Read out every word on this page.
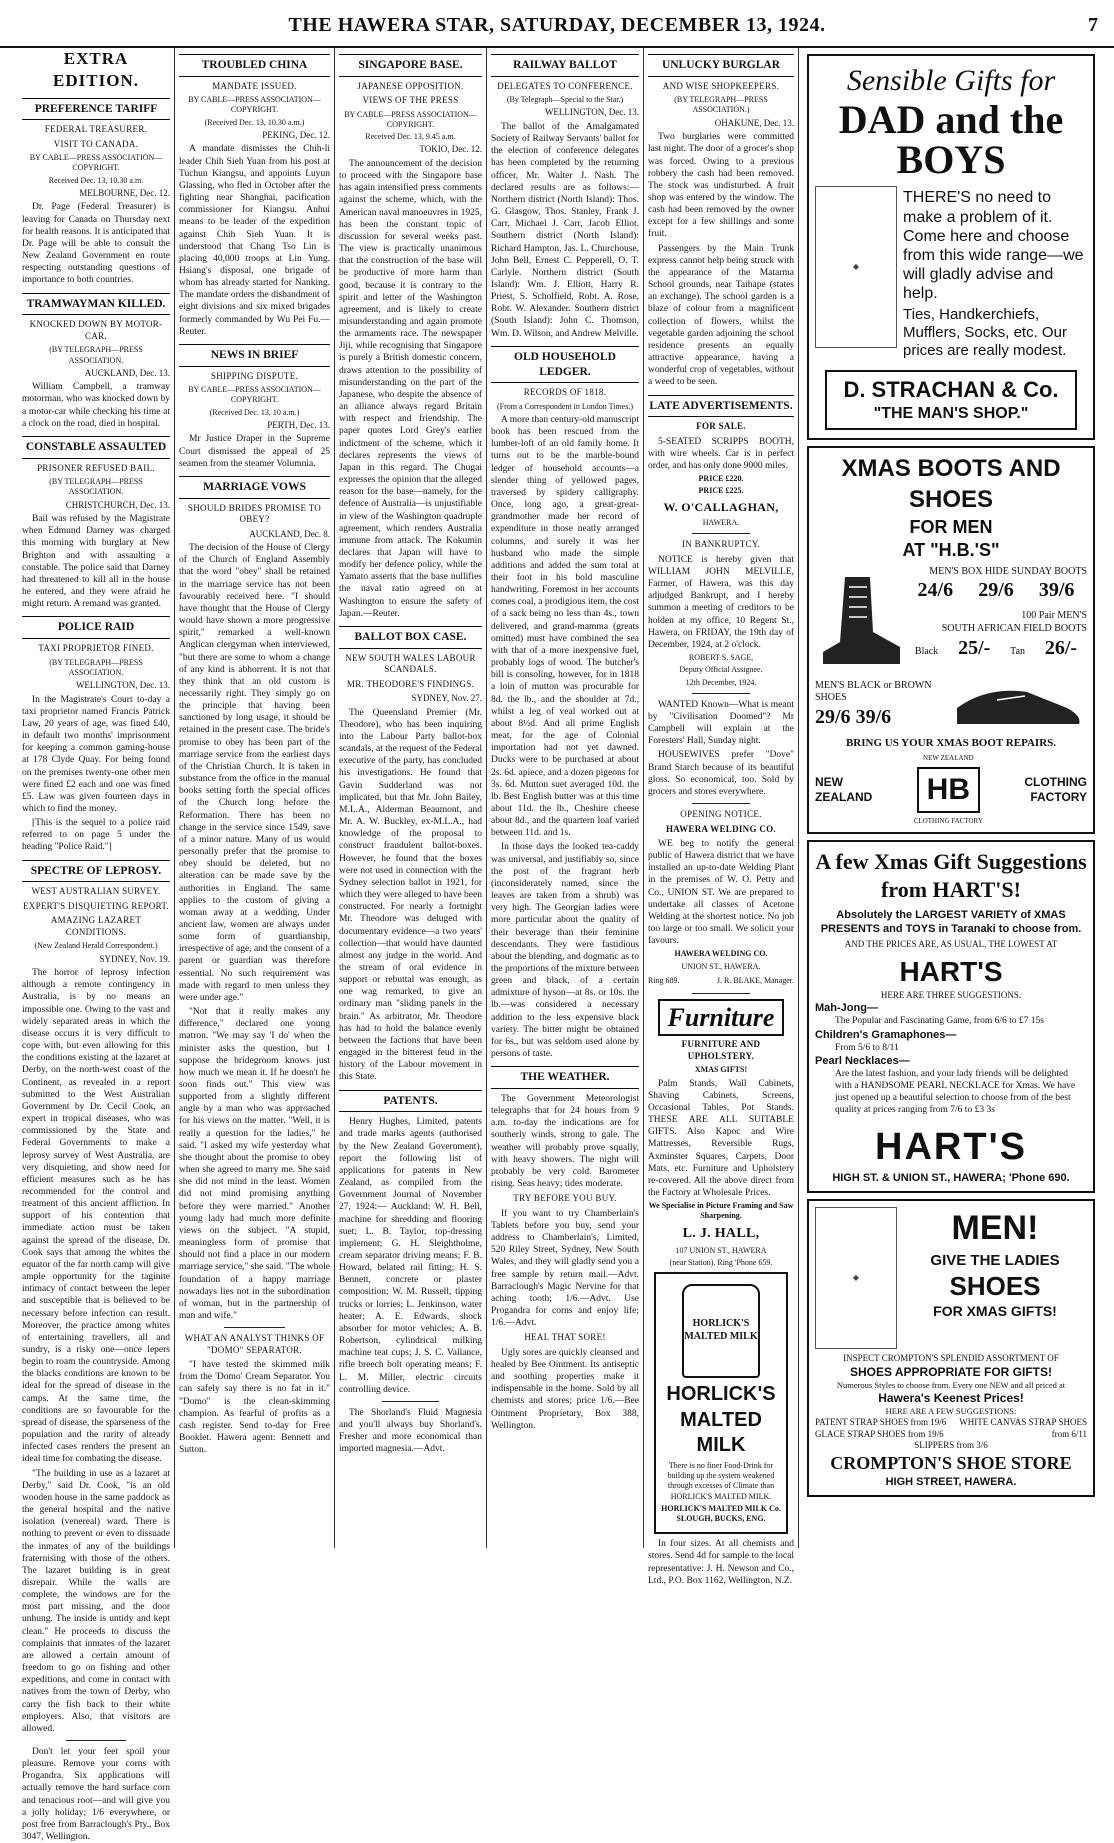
THE HAWERA STAR, SATURDAY, DECEMBER 13, 1924.	7
EXTRA EDITION.
PREFERENCE TARIFF
FEDERAL TREASURER.
VISIT TO CANADA.
BY CABLE—PRESS ASSOCIATION—COPYRIGHT.
Received Dec. 13, 10.30 a.m.
MELBOURNE, Dec. 12.

Dr. Page (Federal Treasurer) is leaving for Canada on Thursday next for health reasons. It is anticipated that Dr. Page will be able to consult the New Zealand Government en route respecting outstanding questions of importance to both countries.

TRAMWAYMAN KILLED.
KNOCKED DOWN BY MOTOR-CAR.
(BY TELEGRAPH—PRESS ASSOCIATION.
AUCKLAND, Dec. 13.

William Campbell, a tramway motorman, who was knocked down by a motor-car while checking his time at a clock on the road, died in hospital.

CONSTABLE ASSAULTED
PRISONER REFUSED BAIL.
(BY TELEGRAPH—PRESS ASSOCIATION.
CHRISTCHURCH, Dec. 13.

Bail was refused by the Magistrate when Edmund Darney was charged this morning with burglary at New Brighton and with assaulting a constable. The police said that Darney had threatened to kill all in the house he entered, and they were afraid he might return. A remand was granted.

POLICE RAID
TAXI PROPRIETOR FINED.
(BY TELEGRAPH—PRESS ASSOCIATION.
WELLINGTON, Dec. 13.

In the Magistrate's Court to-day a taxi proprietor named Francis Patrick Law, 20 years of age, was fined £40, in default two months' imprisonment for keeping a common gaming-house at 178 Clyde Quay. For being found on the premises twenty-one other men were fined £2 each and one was fined £5. Law was given fourteen days in which to find the money.

[This is the sequel to a police raid referred to on page 5 under the heading "Police Raid."]

SPECTRE OF LEPROSY.
WEST AUSTRALIAN SURVEY.
EXPERT'S DISQUIETING REPORT.
AMAZING LAZARET CONDITIONS.
(New Zealand Herald Correspondent.)
SYDNEY, Nov. 19.

The horror of leprosy infection although a remote contingency in Australia, is by no means an impossible one. Owing to the vast and widely separated areas in which the disease occurs it is very difficult to cope with, but even allowing for this the conditions existing at the lazaret at Derby, on the north-west coast of the Continent, as revealed in a report submitted to the West Australian Government by Dr. Cecil Cook, an expert in tropical diseases, who was commissioned by the State and Federal Governments to make a leprosy survey of West Australia, are very disquieting, and show need for efficient measures such as he has recommended for the control and treatment of this ancient affliction. In support of his contention that immediate action must be taken against the spread of the disease, Dr. Cook says that among the whites the equator of the far north camp will give ample opportunity for the taginite intimacy of contact between the leper and susceptible that is believed to be necessary before infection can result. Moreover, the practice among whites of entertaining travellers, all and sundry, is a risky one—once lepers begin to roam the countryside. Among the blacks conditions are known to be ideal for the spread of disease in the camps. At the same time, the conditions are so favourable for the spread of disease, the sparseness of the population and the rarity of already infected cases renders the present an ideal time for combating the disease.

"The building in use as a lazaret at Derby," said Dr. Cook, "is an old wooden house in the same paddock as the general hospital and the native isolation (venereal) ward. There is nothing to prevent or even to dissuade the inmates of any of the buildings fraternising with those of the others. The lazaret building is in great disrepair. While the walls are complete, the windows are for the most part missing, and the door unhung. The inside is untidy and kept clean." He proceeds to discuss the complaints that inmates of the lazaret are allowed a certain amount of freedom to go on fishing and other expeditions, and come in contact with natives from the town of Derby, who carry the fish back to their white employers. Also, that visitors are allowed.

Don't let your feet spoil your pleasure. Remove your corns with Progandra. Six applications will actually remove the hard surface corn and tenacious root—and will give you a jolly holiday; 1/6 everywhere, or post free from Barraclough's Pty., Box 3047, Wellington.

TROUBLED CHINA
MANDATE ISSUED.
BY CABLE—PRESS ASSOCIATION—COPYRIGHT.
(Received Dec. 13, 10.30 a.m.)
PEKING, Dec. 12.

A mandate dismisses the Chih-li leader Chih Sieh Yuan from his post at Tuchun Kiangsu, and appoints Luyun Glassing, who fled in October after the fighting near Shanghai, pacification commissioner for Kiangsu. Anhui means to be leader of the expedition against Chih Sieh Yuan. It is understood that Chang Tso Lin is placing 40,000 troops at Lin Yung. Hsiang's disposal, one brigade of whom has already started for Nanking. The mandate orders the disbandment of eight divisions and six mixed brigades formerly commanded by Wu Pei Fu.—Reuter.

NEWS IN BRIEF
SHIPPING DISPUTE.
BY CABLE—PRESS ASSOCIATION—COPYRIGHT.
(Received Dec. 13, 10 a.m.)
PERTH, Dec. 13.

Mr Justice Draper in the Supreme Court dismissed the appeal of 25 seamen from the steamer Volumnia.

MARRIAGE VOWS
SHOULD BRIDES PROMISE TO OBEY?
AUCKLAND, Dec. 8.

The decision of the House of Clergy of the Church of England Assembly that the word "obey" shall be retained in the marriage service has not been favourably received here. "I should have thought that the House of Clergy would have shown a more progressive spirit," remarked a well-known Anglican clergyman when interviewed, "but there are some to whom a change of any kind is abhorrent. It is not that they think that an old custom is necessarily right. They simply go on the principle that having been sanctioned by long usage, it should be retained in the present case. The bride's promise to obey has been part of the marriage service from the earliest days of the Christian Church. It is taken in substance from the office in the manual books setting forth the special offices of the Church long before the Reformation. There has been no change in the service since 1549, save of a minor nature. Many of us would personally prefer that the promise to obey should be deleted, but no alteration can be made save by the authorities in England. The same applies to the custom of giving a woman away at a wedding. Under ancient law, women are always under some form of guardianship, irrespective of age, and the consent of a parent or guardian was therefore essential. No such requirement was made with regard to men unless they were under age."

"Not that it really makes any difference," declared one young matron. "We may say 'I do' when the minister asks the question, but I suppose the bridegroom knows just how much we mean it. If he doesn't he soon finds out." This view was supported from a slightly different angle by a man who was approached for his views on the matter. "Well, it is really a question for the ladies," he said. "I asked my wife yesterday what she thought about the promise to obey when she agreed to marry me. She said she did not mind in the least. Women did not mind promising anything before they were married." Another young lady had much more definite views on the subject. "A stupid, meaningless form of promise that should not find a place in our modern marriage service," she said. "The whole foundation of a happy marriage nowadays lies not in the subordination of woman, but in the partnership of man and wife."

WHAT AN ANALYST THINKS OF "DOMO" SEPARATOR.

"I have tested the skimmed milk from the 'Domo' Cream Separator. You can safely say there is no fat in it." "Domo" is the clean-skimming champion. As fearful of profits as a cash register. Send to-day for Free Booklet. Hawera agent: Bennett and Sutton.

SINGAPORE BASE.
JAPANESE OPPOSITION.
VIEWS OF THE PRESS
BY CABLE—PRESS ASSOCIATION—COPYRIGHT.
Received Dec. 13, 9.45 a.m.
TOKIO, Dec. 12.

The announcement of the decision to proceed with the Singapore base has again intensified press comments against the scheme, which, with the American naval manoeuvres in 1925, has been the constant topic of discussion for several weeks past. The view is practically unanimous that the construction of the base will be productive of more harm than good, because it is contrary to the spirit and letter of the Washington agreement, and is likely to create misunderstanding and again promote the armaments race. The newspaper Jiji, while recognising that Singapore is purely a British domestic concern, draws attention to the possibility of misunderstanding on the part of the Japanese, who despite the absence of an alliance always regard Britain with respect and friendship. The paper quotes Lord Grey's earlier indictment of the scheme, which it declares represents the views of Japan in this regard. The Chugai expresses the opinion that the alleged reason for the base—namely, for the defence of Australia—is unjustifiable in view of the Washington quadruple agreement, which renders Australia immune from attack. The Kokumin declares that Japan will have to modify her defence policy, while the Yamato asserts that the base nullifies the naval ratio agreed on at Washington to ensure the safety of Japan.—Reuter.

BALLOT BOX CASE.
NEW SOUTH WALES LABOUR SCANDALS.
MR. THEODORE'S FINDINGS.
SYDNEY, Nov. 27.

The Queensland Premier (Mr. Theodore), who has been inquiring into the Labour Party ballot-box scandals, at the request of the Federal executive of the party, has concluded his investigations. He found that Gavin Sudderland was not implicated, but that Mr. John Bailey, M.L.A., Alderman Beaumont, and Mr. A. W. Buckley, ex-M.L.A., had knowledge of the proposal to construct fraudulent ballot-boxes. However, he found that the boxes were not used in connection with the Sydney selection ballot in 1921, for which they were alleged to have been constructed. For nearly a fortnight Mr. Theodore was deluged with documentary evidence—a two years' collection—that would have daunted almost any judge in the world. And the stream of oral evidence in support or rebuttal was enough, as one wag remarked, to give an ordinary man "sliding panels in the brain." As arbitrator, Mr. Theodore has had to hold the balance evenly between the factions that have been engaged in the bitterest feud in the history of the Labour movement in this State.

PATENTS.

Henry Hughes, Limited, patents and trade marks agents (authorised by the New Zealand Government), report the following list of applications for patents in New Zealand, as compiled from the Government Journal of November 27, 1924:— Auckland: W. H. Bell, machine for shredding and flooring suet; L. B. Taylor, top-dressing implement; G. H. Sleightholme, cream separator driving means; F. B. Howard, belated rail fitting; H. S. Bennett, concrete or plaster composition; W. M. Russell, tipping trucks or lorries; L. Jenkinson, water heater; A. E. Edwards, shock absorber for motor vehicles; A. B. Robertson, cylindrical milking machine teat cups; J. S. C. Vallance, rifle breech bolt operating means; F. L. M. Miller, electric circuits controlling device.

The Shorland's Fluid Magnesia and you'll always buy Shorland's. Fresher and more economical than imported magnesia.—Advt.

RAILWAY BALLOT
DELEGATES TO CONFERENCE.
(By Telegraph—Special to the Star.)
WELLINGTON, Dec. 13.

The ballot of the Amalgamated Society of Railway Servants' ballot for the election of conference delegates has been completed by the returning officer, Mr. Walter J. Nash. The declared results are as follows:— Northern district (North Island): Thos. G. Glasgow, Thos. Stanley, Frank J. Carr, Michael J. Carr, Jacob Elliot. Southern district (North Island): Richard Hampton, Jas. L. Churchouse, John Bell, Ernest C. Pepperell, O. T. Carlyle. Northern district (South Island): Wm. J. Elliott, Harry R. Priest, S. Scholfield, Robt. A. Rose, Robt. W. Alexander. Southern district (South Island): John C. Thomson, Wm. D. Wilson, and Andrew Melville.

OLD HOUSEHOLD LEDGER.
RECORDS OF 1818.
(From a Correspondent in London Times.)

A more than century-old manuscript book has been rescued from the lumber-loft of an old family home. It turns out to be the marble-bound ledger of household accounts—a slender thing of yellowed pages, traversed by spidery calligraphy. Once, long ago, a great-great-grandmother made her record of expenditure in those neatly arranged columns, and surely it was her husband who made the simple additions and added the sum total at their foot in his bold masculine handwriting. Foremost in her accounts comes coal, a prodigious item, the cost of a sack being no less than 4s., town delivered, and grand-mamma (greats omitted) must have combined the sea with that of a more inexpensive fuel, probably logs of wood. The butcher's bill is consoling, however, for in 1818 a loin of mutton was procurable for 8d. the lb., and the shoulder at 7d., whilst a leg of veal worked out at about 8½d. And all prime English meat, for the age of Colonial importation had not yet dawned. Ducks were to be purchased at about 2s. 6d. apiece, and a dozen pigeons for 3s. 6d. Mutton suet averaged 10d. the lb. Best English butter was at this time about 11d. the lb., Cheshire cheese about 8d., and the quartern loaf varied between 11d. and 1s.

In those days the looked tea-caddy was universal, and justifiably so, since the post of the fragrant herb (inconsiderately named, since the leaves are taken from a shrub) was very high. The Georgian ladies were more particular about the quality of their beverage than their feminine descendants. They were fastidious about the blending, and dogmatic as to the proportions of the mixture between green and black, of a certain admixture of hyson—at 8s. or 10s. the lb.—was considered a necessary addition to the less expensive black variety. The bitter might be obtained for 6s., but was seldom used alone by persons of taste.

THE WEATHER.

The Government Meteorologist telegraphs that for 24 hours from 9 a.m. to-day the indications are for southerly winds, strong to gale. The weather will probably prove squally, with heavy showers. The night will probably be very cold. Barometer rising. Seas heavy; tides moderate.

TRY BEFORE YOU BUY.

If you want to try Chamberlain's Tablets before you buy, send your address to Chamberlain's, Limited, 520 Riley Street, Sydney, New South Wales, and they will gladly send you a free sample by return mail.—Advt. Barraclough's Magic Nervine for that aching tooth; 1/6.—Advt. Use Progandra for corns and enjoy life; 1/6.—Advt.

HEAL THAT SORE!

Ugly sores are quickly cleansed and healed by Bee Ointment. Its antiseptic and soothing properties make it indispensable in the home. Sold by all chemists and stores; price 1/6.—Bee Ointment Proprietary, Box 388, Wellington.

UNLUCKY BURGLAR
AND WISE SHOPKEEPERS.
(BY TELEGRAPH—PRESS ASSOCIATION.)
OHAKUNE, Dec. 13.

Two burglaries were committed last night. The door of a grocer's shop was forced. Owing to a previous robbery the cash had been removed. The stock was undisturbed. A fruit shop was entered by the window. The cash had been removed by the owner except for a few shillings and some fruit.

Passengers by the Main Trunk express cannot help being struck with the appearance of the Matarma School grounds, near Taihape (states an exchange). The school garden is a blaze of colour from a magnificent collection of flowers, whilst the vegetable garden adjoining the school residence presents an equally attractive appearance, having a wonderful crop of vegetables, without a weed to be seen.

LATE ADVERTISEMENTS.
FOR SALE.

5-SEATED SCRIPPS BOOTH, with wire wheels. Car is in perfect order, and has only done 9000 miles.

PRICE £220.
PRICE £225.
W. O'CALLAGHAN,
HAWERA.
IN BANKRUPTCY.

NOTICE is hereby given that WILLIAM JOHN MELVILLE, Farmer, of Hawera, was this day adjudged Bankrupt, and I hereby summon a meeting of creditors to be holden at my office, 10 Regent St., Hawera, on FRIDAY, the 19th day of December, 1924, at 2 o'clock.

ROBERT S. SAGE,
Deputy Official Assignee.
12th December, 1924.

WANTED Known—What is meant by "Civilisation Doomed"? Mr Campbell will explain at the Foresters' Hall, Sunday night.

HOUSEWIVES prefer "Dove" Brand Starch because of its beautiful gloss. So economical, too. Sold by grocers and stores everywhere.

OPENING NOTICE.
HAWERA WELDING CO.

WE beg to notify the general public of Hawera district that we have installed an up-to-date Welding Plant in the premises of W. O. Petty and Co., UNION ST. We are prepared to undertake all classes of Acetone Welding at the shortest notice. No job too large or too small. We solicit your favours.

HAWERA WELDING CO.
UNION ST., HAWERA.
Ring 689.	J. R. BLAKE, Manager.
Furniture
FURNITURE AND UPHOLSTERY.
XMAS GIFTS!

Palm Stands, Wall Cabinets, Shaving Cabinets, Screens, Occasional Tables, Pot Stands. THESE ARE ALL SUITABLE GIFTS. Also Kapoc and Wire Mattresses, Reversible Rugs, Axminster Squares, Carpets, Door Mats, etc. Furniture and Upholstery re-covered. All the above direct from the Factory at Wholesale Prices.

We Specialise in Picture Framing and Saw Sharpening.
L. J. HALL,
107 UNION ST., HAWERA
(near Station). Ring 'Phone 659.
HORLICK'S MALTED MILK
HORLICK'S
MALTED
MILK

There is no finer Food-Drink for building up the system weakened through excesses of Climate than HORLICK'S MALTED MILK.

HORLICK'S MALTED MILK Co. SLOUGH, BUCKS, ENG.

In four sizes. At all chemists and stores. Send 4d for sample to the local representative: J. H. Newson and Co., Ltd., P.O. Box 1162, Wellington, N.Z.

Sensible Gifts for
DAD and the BOYS
◆

THERE'S no need to make a problem of it. Come here and choose from this wide range—we will gladly advise and help.

Ties, Handkerchiefs, Mufflers, Socks, etc. Our prices are really modest.

D. STRACHAN & Co.
"THE MAN'S SHOP."
XMAS BOOTS AND SHOES
FOR MEN
AT "H.B.'S"
MEN'S BOX HIDE SUNDAY BOOTS
24/6 29/6 39/6
100 Pair MEN'S
SOUTH AFRICAN FIELD BOOTS
Black 25/- Tan 26/-
MEN'S BLACK or BROWN SHOES
29/6 39/6
BRING US YOUR XMAS BOOT REPAIRS.
NEW
ZEALAND
NEW ZEALAND
HB
CLOTHING FACTORY
CLOTHING
FACTORY
A few Xmas Gift Suggestions
from HART'S!
Absolutely the LARGEST VARIETY of XMAS PRESENTS and TOYS in Taranaki to choose from.
AND THE PRICES ARE, AS USUAL, THE LOWEST AT
HART'S
HERE ARE THREE SUGGESTIONS.
Mah-Jong—
The Popular and Fascinating Game, from 6/6 to £7 15s
Children's Gramaphones—
From 5/6 to 8/11
Pearl Necklaces—
Are the latest fashion, and your lady friends will be delighted with a HANDSOME PEARL NECKLACE for Xmas. We have just opened up a beautiful selection to choose from of the best quality at prices ranging from 7/6 to £3 3s
HART'S
HIGH ST. & UNION ST., HAWERA; 'Phone 690.
◆
MEN!
GIVE THE LADIES
SHOES
FOR XMAS GIFTS!
INSPECT CROMPTON'S SPLENDID ASSORTMENT OF
SHOES APPROPRIATE FOR GIFTS!
Numerous Styles to choose from. Every one NEW and all priced at
Hawera's Keenest Prices!
HERE ARE A FEW SUGGESTIONS:
PATENT STRAP SHOES from 19/6 WHITE CANVAS STRAP SHOES
GLACE STRAP SHOES from 19/6	from 6/11
SLIPPERS from 3/6
CROMPTON'S SHOE STORE
HIGH STREET, HAWERA.
